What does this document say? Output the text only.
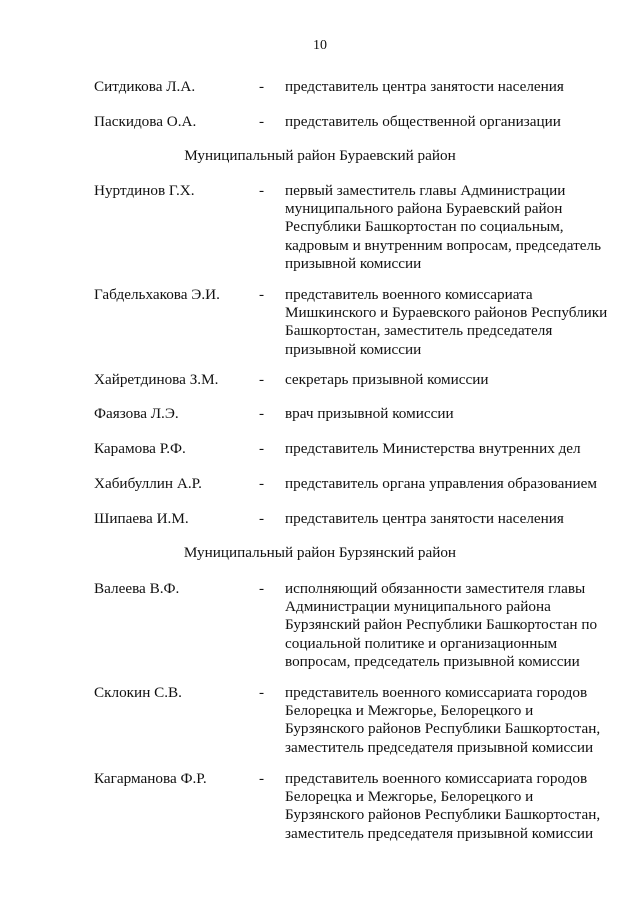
10
Ситдикова Л.А.	- представитель центра занятости населения
Паскидова О.А.	- представитель общественной организации
Муниципальный район Бураевский район
Нуртдинов Г.Х.	- первый заместитель главы Администрации
муниципального района Бураевский район
Республики Башкортостан по социальным,
кадровым и внутренним вопросам, председатель
призывной комиссии
Габдельхакова Э.И.	- представитель военного комиссариата
Мишкинского и Бураевского районов Республики
Башкортостан, заместитель председателя
призывной комиссии
Хайретдинова З.М.	- секретарь призывной комиссии
Фаязова Л.Э.	- врач призывной комиссии
Карамова Р.Ф.	- представитель Министерства внутренних дел
Хабибуллин А.Р.	- представитель органа управления образованием
Шипаева И.М.	- представитель центра занятости населения
Муниципальный район Бурзянский район
Валеева В.Ф.	- исполняющий обязанности заместителя главы
Администрации муниципального района
Бурзянский район Республики Башкортостан по
социальной политике и организационным
вопросам, председатель призывной комиссии
Склокин С.В.	- представитель военного комиссариата городов
Белорецка и Межгорье, Белорецкого и
Бурзянского районов Республики Башкортостан,
заместитель председателя призывной комиссии
Кагарманова Ф.Р.	- представитель военного комиссариата городов
Белорецка и Межгорье, Белорецкого и
Бурзянского районов Республики Башкортостан,
заместитель председателя призывной комиссии
